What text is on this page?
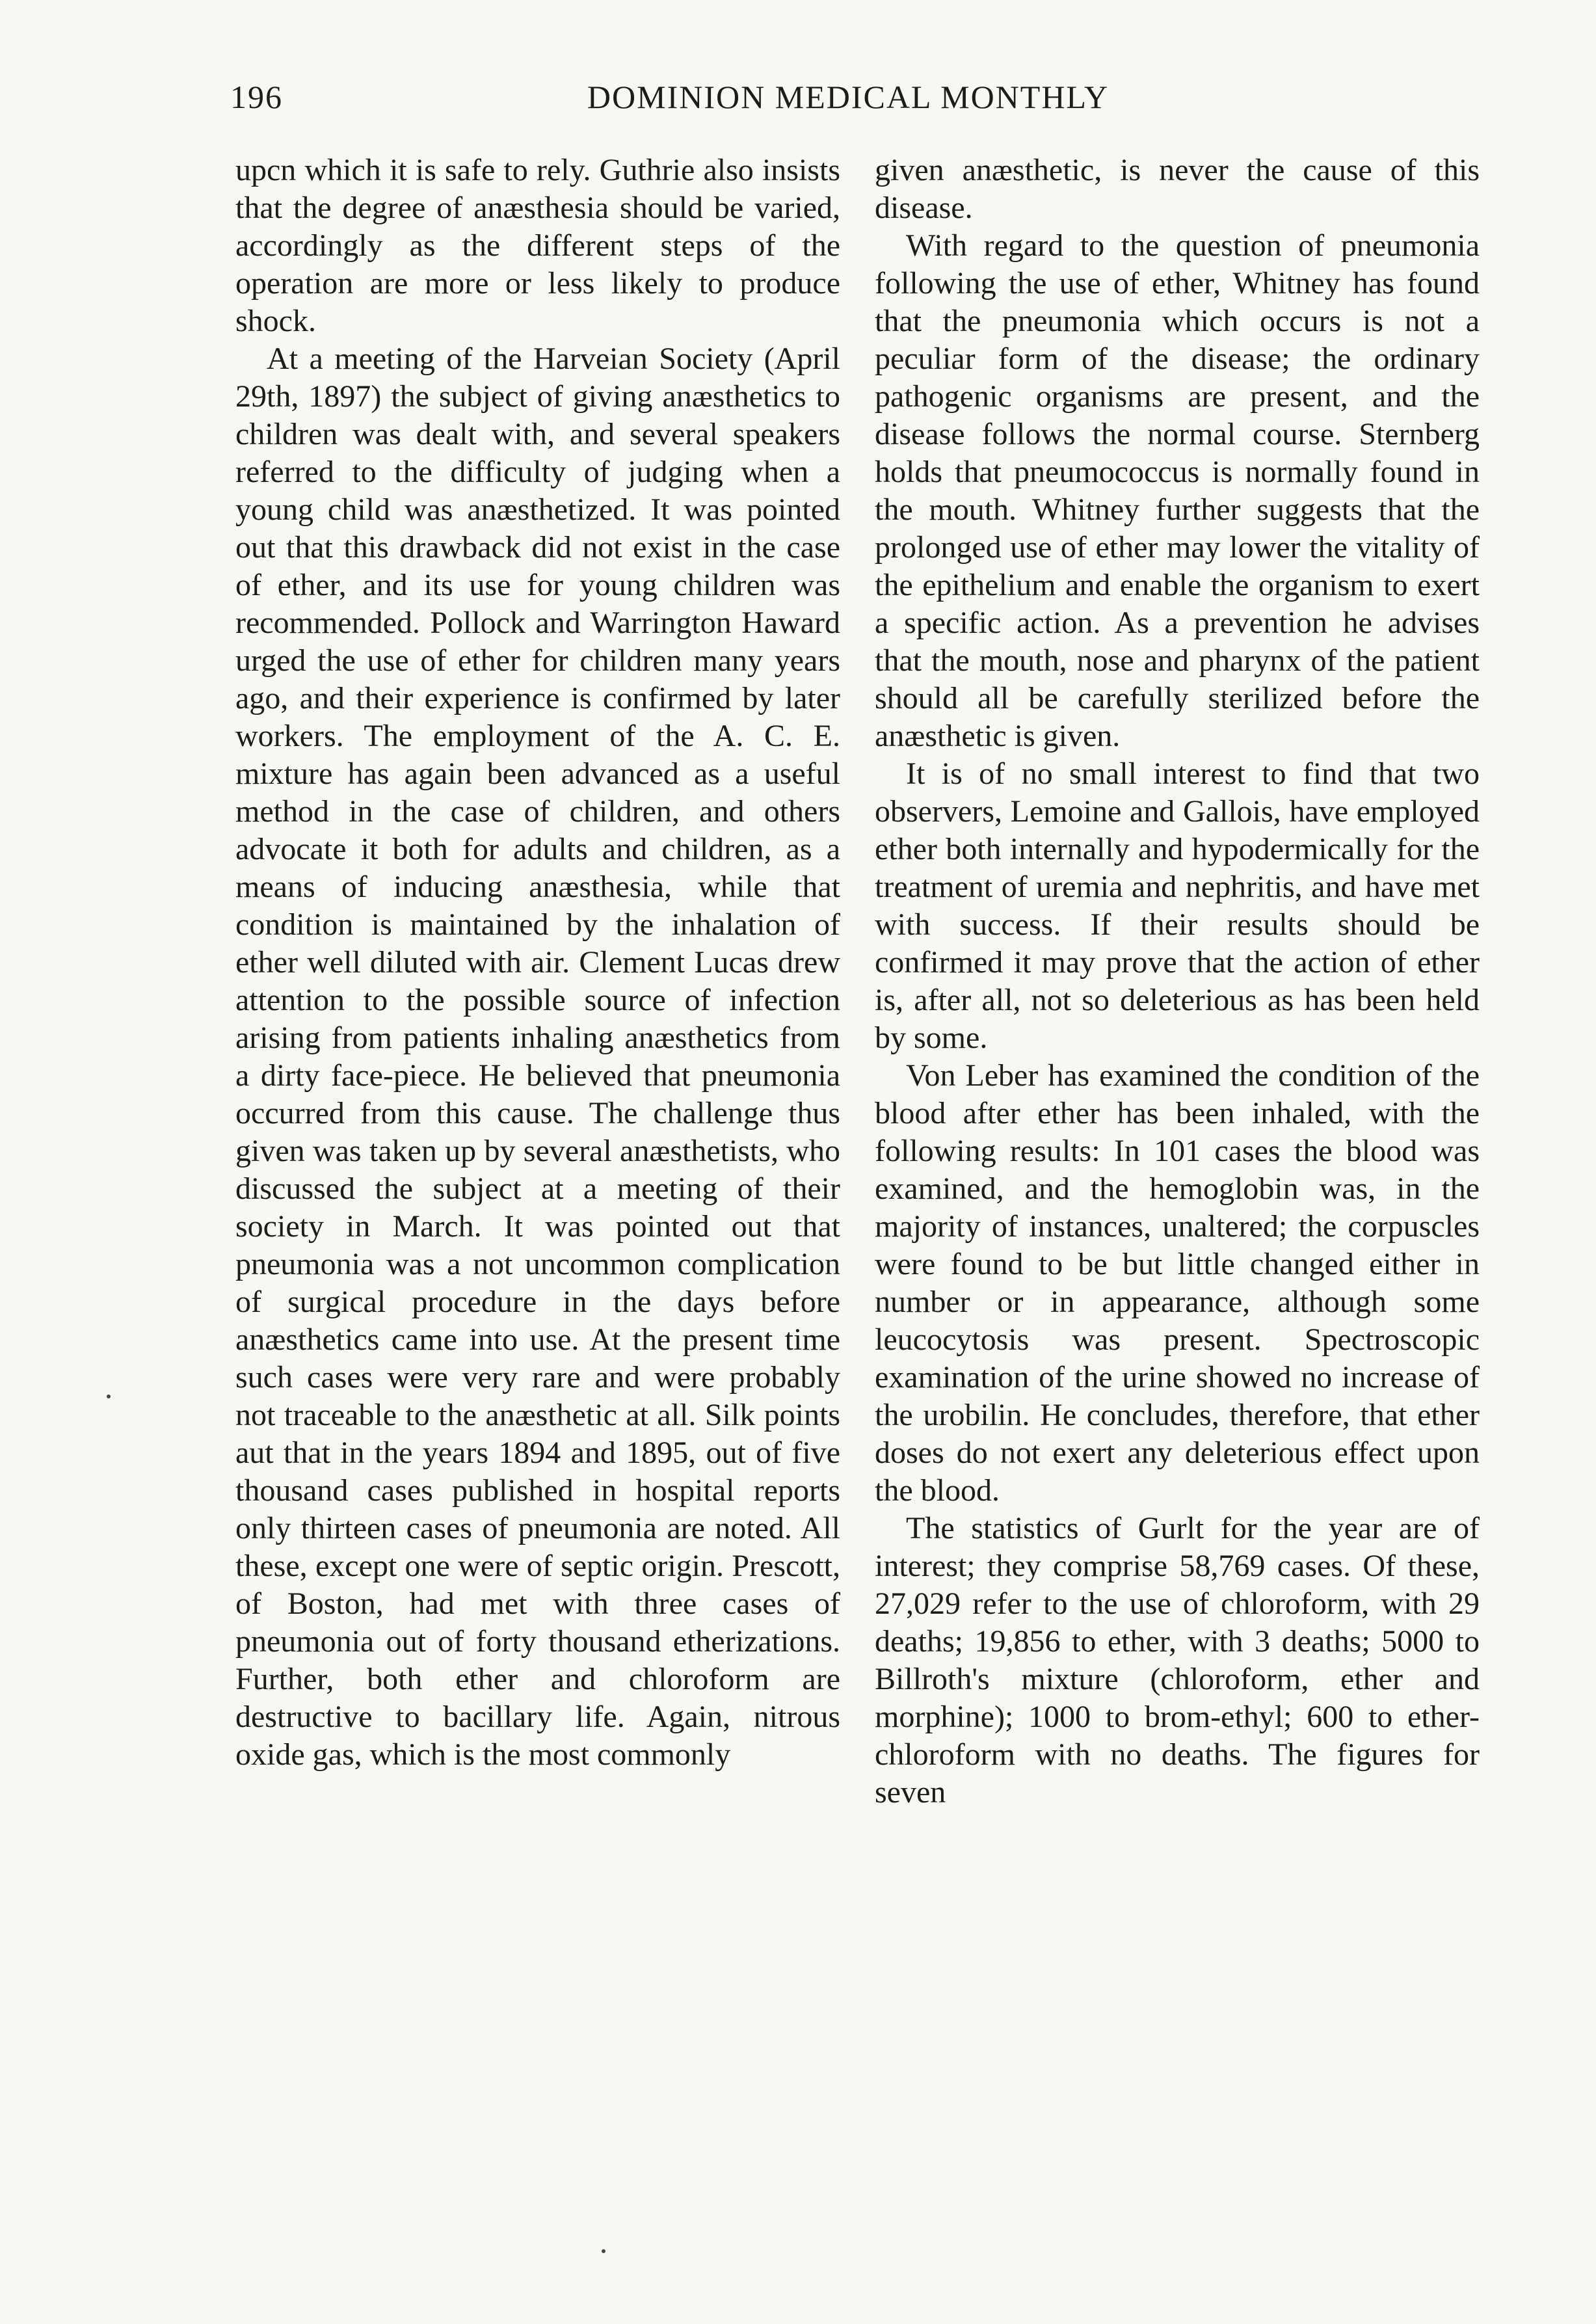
196	DOMINION MEDICAL MONTHLY

upcn which it is safe to rely. Guthrie also insists that the degree of anæsthesia should be varied, accordingly as the different steps of the operation are more or less likely to produce shock.

At a meeting of the Harveian Society (April 29th, 1897) the subject of giving anæsthetics to children was dealt with, and several speakers referred to the difficulty of judging when a young child was anæsthetized. It was pointed out that this drawback did not exist in the case of ether, and its use for young children was recommended. Pollock and Warrington Haward urged the use of ether for children many years ago, and their experience is confirmed by later workers. The employment of the A. C. E. mixture has again been advanced as a useful method in the case of children, and others advocate it both for adults and children, as a means of inducing anæsthesia, while that condition is maintained by the inhalation of ether well diluted with air. Clement Lucas drew attention to the possible source of infection arising from patients inhaling anæsthetics from a dirty face-piece. He believed that pneumonia occurred from this cause. The challenge thus given was taken up by several anæsthetists, who discussed the subject at a meeting of their society in March. It was pointed out that pneumonia was a not uncommon complication of surgical procedure in the days before anæsthetics came into use. At the present time such cases were very rare and were probably not traceable to the anæsthetic at all. Silk points aut that in the years 1894 and 1895, out of five thousand cases published in hospital reports only thirteen cases of pneumonia are noted. All these, except one were of septic origin. Prescott, of Boston, had met with three cases of pneumonia out of forty thousand etherizations. Further, both ether and chloroform are destructive to bacillary life. Again, nitrous oxide gas, which is the most commonly

given anæsthetic, is never the cause of this disease.

With regard to the question of pneumonia following the use of ether, Whitney has found that the pneumonia which occurs is not a peculiar form of the disease; the ordinary pathogenic organisms are present, and the disease follows the normal course. Sternberg holds that pneumococcus is normally found in the mouth. Whitney further suggests that the prolonged use of ether may lower the vitality of the epithelium and enable the organism to exert a specific action. As a prevention he advises that the mouth, nose and pharynx of the patient should all be carefully sterilized before the anæsthetic is given.

It is of no small interest to find that two observers, Lemoine and Gallois, have employed ether both internally and hypodermically for the treatment of uremia and nephritis, and have met with success. If their results should be confirmed it may prove that the action of ether is, after all, not so deleterious as has been held by some.

Von Leber has examined the condition of the blood after ether has been inhaled, with the following results: In 101 cases the blood was examined, and the hemoglobin was, in the majority of instances, unaltered; the corpuscles were found to be but little changed either in number or in appearance, although some leucocytosis was present. Spectroscopic examination of the urine showed no increase of the urobilin. He concludes, therefore, that ether doses do not exert any deleterious effect upon the blood.

The statistics of Gurlt for the year are of interest; they comprise 58,769 cases. Of these, 27,029 refer to the use of chloroform, with 29 deaths; 19,856 to ether, with 3 deaths; 5000 to Billroth's mixture (chloroform, ether and morphine); 1000 to brom-ethyl; 600 to ether-chloroform with no deaths. The figures for seven
